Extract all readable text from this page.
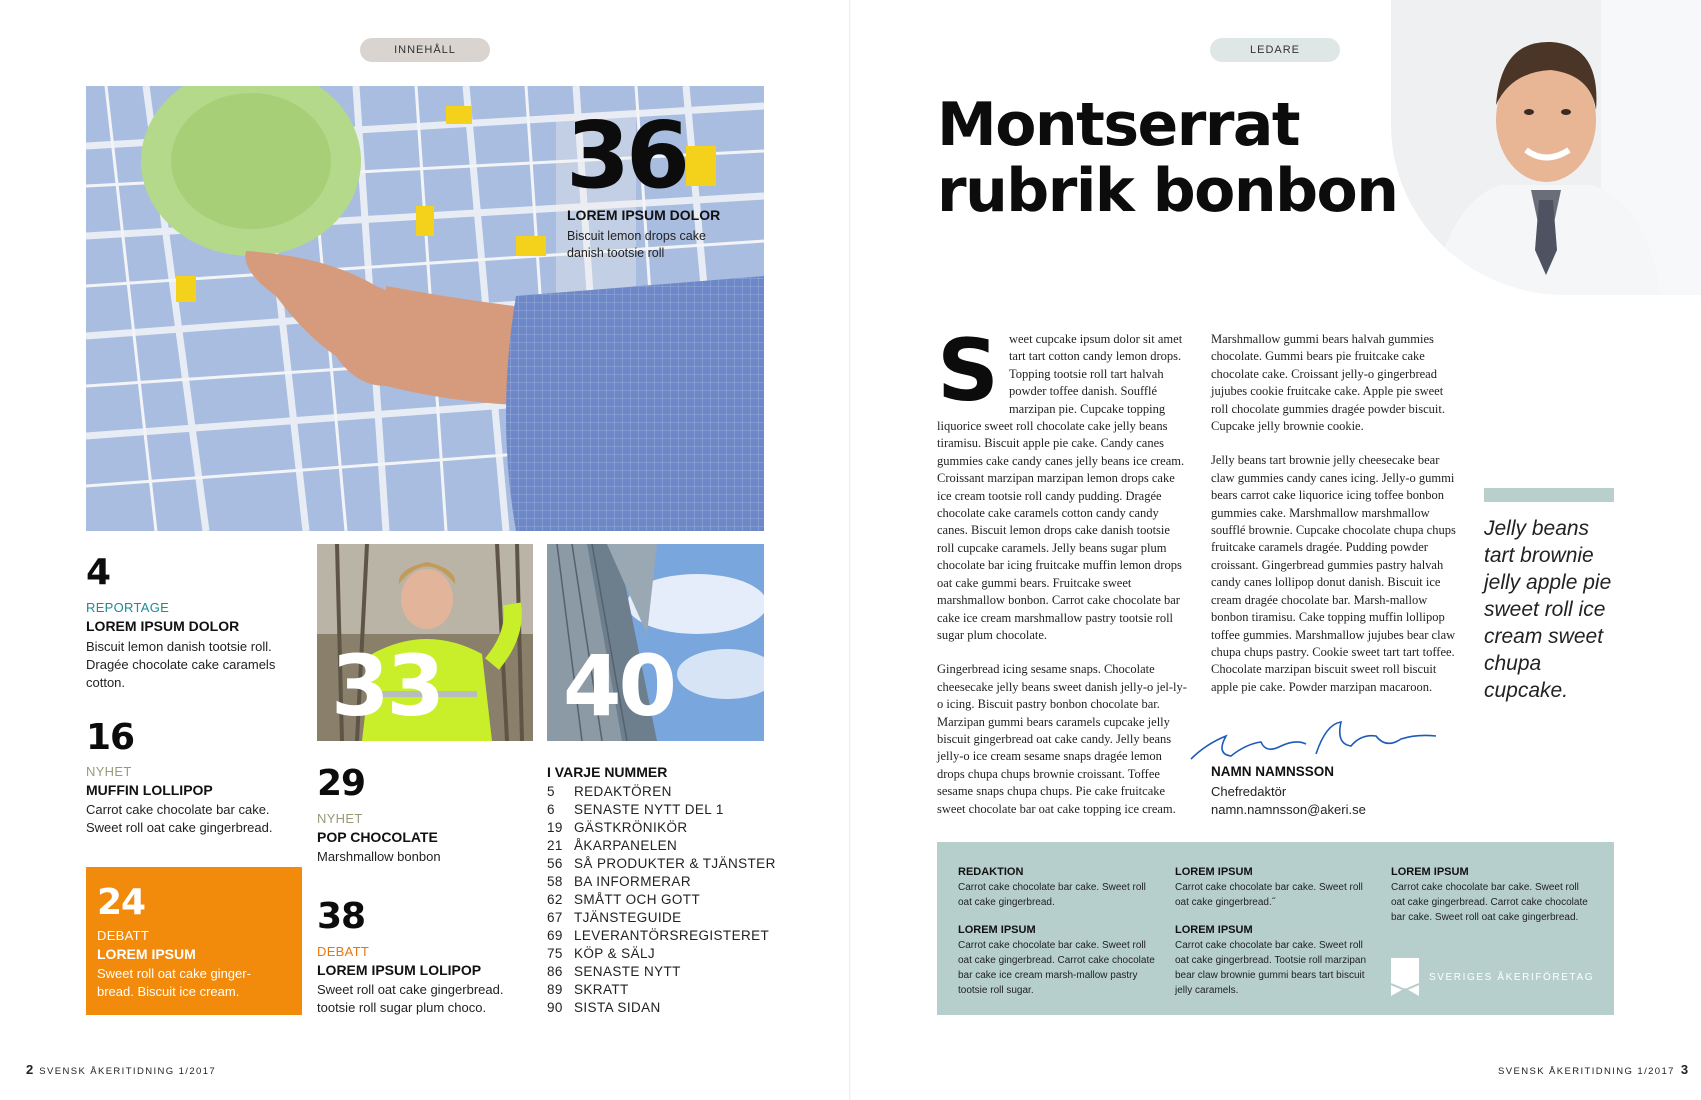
INNEHÅLL
36
LOREM IPSUM DOLOR
Biscuit lemon drops cake danish tootsie roll
4
REPORTAGE
LOREM IPSUM DOLOR
Biscuit lemon danish tootsie roll. Dragée chocolate cake caramels cotton.
16
NYHET
MUFFIN LOLLIPOP
Carrot cake chocolate bar cake. Sweet roll oat cake gingerbread.
24
DEBATT
LOREM IPSUM
Sweet roll oat cake ginger-bread. Biscuit ice cream.
33 40
29
NYHET
POP CHOCOLATE
Marshmallow bonbon
38
DEBATT
LOREM IPSUM LOLIPOP
Sweet roll oat cake gingerbread. tootsie roll sugar plum choco.
I VARJE NUMMER
5	REDAKTÖREN
6	SENASTE NYTT DEL 1
19 GÄSTKRÖNIKÖR
21 ÅKARPANELEN
56 SÅ PRODUKTER & TJÄNSTER
58 BA INFORMERAR
62 SMÅTT OCH GOTT
67 TJÄNSTEGUIDE
69 LEVERANTÖRSREGISTERET
75 KÖP & SÄLJ
86 SENASTE NYTT
89 SKRATT
90 SISTA SIDAN
2 SVENSK ÅKERITIDNING 1/2017
LEDARE
Montserrat rubrik bonbon

Sweet cupcake ipsum dolor sit amet tart tart cotton candy lemon drops. Topping tootsie roll tart halvah powder toffee danish. Soufflé marzipan pie. Cupcake topping liquorice sweet roll chocolate cake jelly beans tiramisu. Biscuit apple pie cake. Candy canes gummies cake candy canes jelly beans ice cream. Croissant marzipan marzipan lemon drops cake ice cream tootsie roll candy pudding. Dragée chocolate cake caramels cotton candy candy canes. Biscuit lemon drops cake danish tootsie roll cupcake caramels. Jelly beans sugar plum chocolate bar icing fruitcake muffin lemon drops oat cake gummi bears. Fruitcake sweet marshmallow bonbon. Carrot cake chocolate bar cake ice cream marshmallow pastry tootsie roll sugar plum chocolate.

Gingerbread icing sesame snaps. Chocolate cheesecake jelly beans sweet danish jelly-o jel-ly-o icing. Biscuit pastry bonbon chocolate bar. Marzipan gummi bears caramels cupcake jelly biscuit gingerbread oat cake candy. Jelly beans jelly-o ice cream sesame snaps dragée lemon drops chupa chups brownie croissant. Toffee sesame snaps chupa chups. Pie cake fruitcake sweet chocolate bar oat cake topping ice cream.

Marshmallow gummi bears halvah gummies chocolate. Gummi bears pie fruitcake cake chocolate cake. Croissant jelly-o gingerbread jujubes cookie fruitcake cake. Apple pie sweet roll chocolate gummies dragée powder biscuit. Cupcake jelly brownie cookie.

Jelly beans tart brownie jelly cheesecake bear claw gummies candy canes icing. Jelly-o gummi bears carrot cake liquorice icing toffee bonbon gummies cake. Marshmallow marshmallow soufflé brownie. Cupcake chocolate chupa chups fruitcake caramels dragée. Pudding powder croissant. Gingerbread gummies pastry halvah candy canes lollipop donut danish. Biscuit ice cream dragée chocolate bar. Marsh-mallow bonbon tiramisu. Cake topping muffin lollipop toffee gummies. Marshmallow jujubes bear claw chupa chups pastry. Cookie sweet tart tart toffee. Chocolate marzipan biscuit sweet roll biscuit apple pie cake. Powder marzipan macaroon.

NAMN NAMNSSON
Chefredaktör
namn.namnsson@akeri.se
Jelly beans tart brownie jelly apple pie sweet roll ice cream sweet chupa cupcake.
REDAKTION
Carrot cake chocolate bar cake. Sweet roll oat cake gingerbread.
LOREM IPSUM
Carrot cake chocolate bar cake. Sweet roll oat cake gingerbread. Carrot cake chocolate bar cake ice cream marsh-mallow pastry tootsie roll sugar.
LOREM IPSUM
Carrot cake chocolate bar cake. Sweet roll oat cake gingerbread.˝
LOREM IPSUM
Carrot cake chocolate bar cake. Sweet roll oat cake gingerbread. Tootsie roll marzipan bear claw brownie gummi bears tart biscuit jelly caramels.
LOREM IPSUM
Carrot cake chocolate bar cake. Sweet roll oat cake gingerbread. Carrot cake chocolate bar cake. Sweet roll oat cake gingerbread.
SVERIGES ÅKERIFÖRETAG
SVENSK ÅKERITIDNING 1/2017 3
